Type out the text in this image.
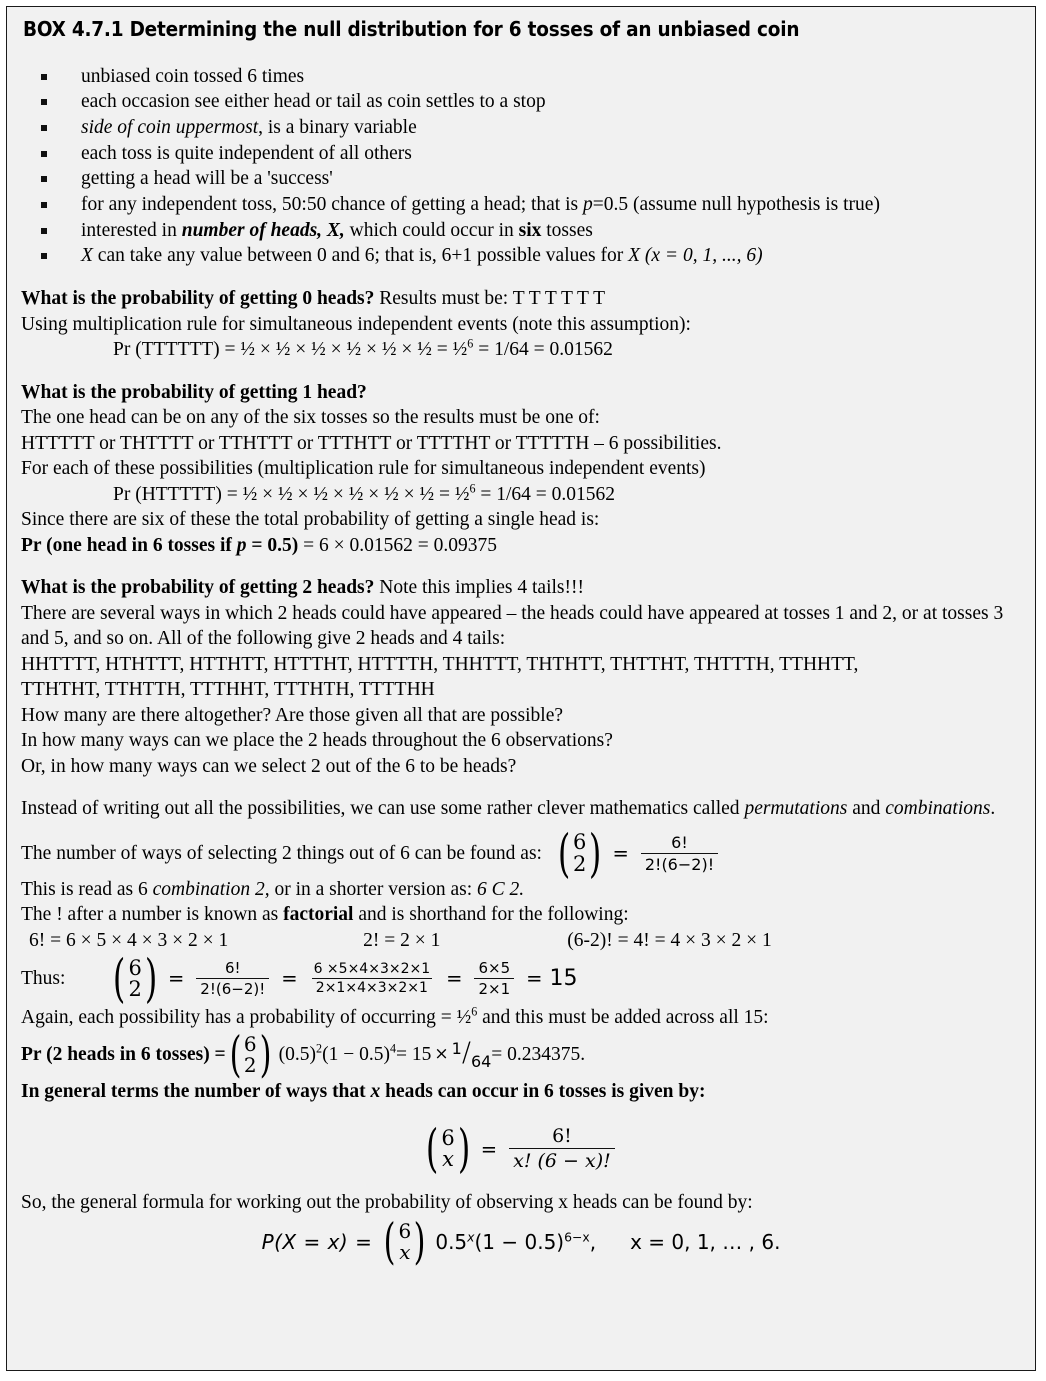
BOX 4.7.1 Determining the null distribution for 6 tosses of an unbiased coin
unbiased coin tossed 6 times
each occasion see either head or tail as coin settles to a stop
side of coin uppermost, is a binary variable
each toss is quite independent of all others
getting a head will be a 'success'
for any independent toss, 50:50 chance of getting a head; that is p=0.5 (assume null hypothesis is true)
interested in number of heads, X, which could occur in six tosses
X can take any value between 0 and 6; that is, 6+1 possible values for X (x = 0, 1, ..., 6)
What is the probability of getting 0 heads? Results must be: T T T T T T
Using multiplication rule for simultaneous independent events (note this assumption):
Pr (TTTTTT) = ½ × ½ × ½ × ½ × ½ × ½ = ½$^6$ = 1/64 = 0.01562
What is the probability of getting 1 head?
The one head can be on any of the six tosses so the results must be one of:
HTTTTT or THTTTT or TTHTTT or TTTHTT or TTTTHT or TTTTTH – 6 possibilities.
For each of these possibilities (multiplication rule for simultaneous independent events)
Pr (HTTTTT) = ½ × ½ × ½ × ½ × ½ × ½ = ½$^6$ = 1/64 = 0.01562
Since there are six of these the total probability of getting a single head is:
Pr (one head in 6 tosses if p = 0.5) = 6 × 0.01562 = 0.09375
What is the probability of getting 2 heads? Note this implies 4 tails!!!
There are several ways in which 2 heads could have appeared – the heads could have appeared at tosses 1 and 2, or at tosses 3 and 5, and so on. All of the following give 2 heads and 4 tails:
HHTTTT, HTHTTT, HTTHTT, HTTTHT, HTTTTH, THHTTT, THTHTT, THTTHT, THTTTH, TTHHTT,
TTHTHT, TTHTTH, TTTHHT, TTTHTH, TTTTHH
How many are there altogether? Are those given all that are possible?
In how many ways can we place the 2 heads throughout the 6 observations?
Or, in how many ways can we select 2 out of the 6 to be heads?
Instead of writing out all the possibilities, we can use some rather clever mathematics called permutations and combinations.
The number of ways of selecting 2 things out of 6 can be found as: ( 6
2 ) = $\frac{6!}{2!(6-2)!}$
This is read as 6 combination 2, or in a shorter version as: 6 C 2.
The ! after a number is known as factorial and is shorthand for the following:
6! = 6 × 5 × 4 × 3 × 2 × 1	2! = 2 × 1	(6-2)! = 4! = 4 × 3 × 2 × 1
Thus: ( 6
2 ) = $\frac{6!}{2!(6-2)!} = \frac{6 \times 5\times 4\times 3\times 2\times 1}{2\times 1\times 4\times 3\times 2\times 1} = \frac{6\times 5}{2\times 1} = 15$
Again, each possibility has a probability of occurring = ½$^6$ and this must be added across all 15:
Pr (2 heads in 6 tosses) = ( 6
2 ) $(0.5)^2$ $(1 - 0.5)^4 = 15 \times ^1/_{64} = 0.234375$.
In general terms the number of ways that x heads can occur in 6 tosses is given by:
( 6
x ) = $\frac{6!}{x! (6 - x)!}$
So, the general formula for working out the probability of observing x heads can be found by:
P(X = x) = ( 6
x ) 0.5$^x$ $(1 - 0.5)^{6-x}$ , x = 0, 1, … , 6.
